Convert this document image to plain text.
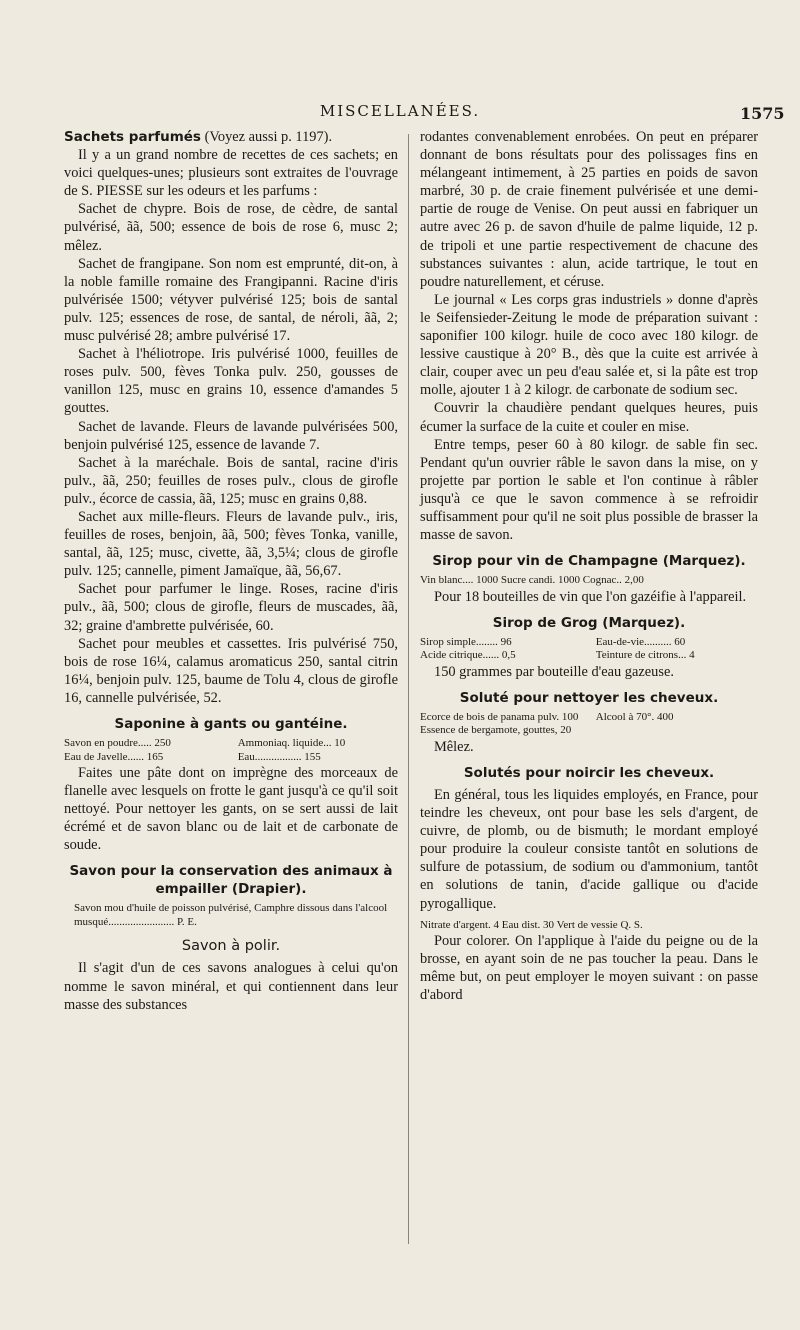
MISCELLANÉES.	1575

Sachets parfumés (Voyez aussi p. 1197).

Il y a un grand nombre de recettes de ces sachets; en voici quelques-unes; plusieurs sont extraites de l'ouvrage de S. PIESSE sur les odeurs et les parfums :

Sachet de chypre. Bois de rose, de cèdre, de santal pulvérisé, ãã, 500; essence de bois de rose 6, musc 2; mêlez.

Sachet de frangipane. Son nom est emprunté, dit-on, à la noble famille romaine des Frangipanni. Racine d'iris pulvérisée 1500; vétyver pulvérisé 125; bois de santal pulv. 125; essences de rose, de santal, de néroli, ãã, 2; musc pulvérisé 28; ambre pulvérisé 17.

Sachet à l'héliotrope. Iris pulvérisé 1000, feuilles de roses pulv. 500, fèves Tonka pulv. 250, gousses de vanillon 125, musc en grains 10, essence d'amandes 5 gouttes.

Sachet de lavande. Fleurs de lavande pulvérisées 500, benjoin pulvérisé 125, essence de lavande 7.

Sachet à la maréchale. Bois de santal, racine d'iris pulv., ãã, 250; feuilles de roses pulv., clous de girofle pulv., écorce de cassia, ãã, 125; musc en grains 0,88.

Sachet aux mille-fleurs. Fleurs de lavande pulv., iris, feuilles de roses, benjoin, ãã, 500; fèves Tonka, vanille, santal, ãã, 125; musc, civette, ãã, 3,5¼; clous de girofle pulv. 125; cannelle, piment Jamaïque, ãã, 56,67.

Sachet pour parfumer le linge. Roses, racine d'iris pulv., ãã, 500; clous de girofle, fleurs de muscades, ãã, 32; graine d'ambrette pulvérisée, 60.

Sachet pour meubles et cassettes. Iris pulvérisé 750, bois de rose 16¼, calamus aromaticus 250, santal citrin 16¼, benjoin pulv. 125, baume de Tolu 4, clous de girofle 16, cannelle pulvérisée, 52.

Saponine à gants ou gantéine.
Savon en poudre..... 250	Ammoniaq. liquide... 10
Eau de Javelle...... 165	Eau................. 155

Faites une pâte dont on imprègne des morceaux de flanelle avec lesquels on frotte le gant jusqu'à ce qu'il soit nettoyé. Pour nettoyer les gants, on se sert aussi de lait écrémé et de savon blanc ou de lait et de carbonate de soude.

Savon pour la conservation des animaux à empailler (Drapier).

Savon mou d'huile de poisson pulvérisé, Camphre dissous dans l'alcool musqué........................ P. E.

Savon à polir.

Il s'agit d'un de ces savons analogues à celui qu'on nomme le savon minéral, et qui contiennent dans leur masse des substances

rodantes convenablement enrobées. On peut en préparer donnant de bons résultats pour des polissages fins en mélangeant intimement, à 25 parties en poids de savon marbré, 30 p. de craie finement pulvérisée et une demi-partie de rouge de Venise. On peut aussi en fabriquer un autre avec 26 p. de savon d'huile de palme liquide, 12 p. de tripoli et une partie respectivement de chacune des substances suivantes : alun, acide tartrique, le tout en poudre naturellement, et céruse.

Le journal « Les corps gras industriels » donne d'après le Seifensieder-Zeitung le mode de préparation suivant : saponifier 100 kilogr. huile de coco avec 180 kilogr. de lessive caustique à 20° B., dès que la cuite est arrivée à clair, couper avec un peu d'eau salée et, si la pâte est trop molle, ajouter 1 à 2 kilogr. de carbonate de sodium sec.

Couvrir la chaudière pendant quelques heures, puis écumer la surface de la cuite et couler en mise.

Entre temps, peser 60 à 80 kilogr. de sable fin sec. Pendant qu'un ouvrier râble le savon dans la mise, on y projette par portion le sable et l'on continue à râbler jusqu'à ce que le savon commence à se refroidir suffisamment pour qu'il ne soit plus possible de brasser la masse de savon.

Sirop pour vin de Champagne (Marquez).

Vin blanc.... 1000 Sucre candi. 1000 Cognac.. 2,00

Pour 18 bouteilles de vin que l'on gazéifie à l'appareil.

Sirop de Grog (Marquez).
Sirop simple........ 96	Eau-de-vie.......... 60
Acide citrique...... 0,5	Teinture de citrons... 4

150 grammes par bouteille d'eau gazeuse.

Soluté pour nettoyer les cheveux.
Ecorce de bois de panama pulv. 100	Alcool à 70°. 400
Essence de bergamote, gouttes, 20

Mêlez.

Solutés pour noircir les cheveux.

En général, tous les liquides employés, en France, pour teindre les cheveux, ont pour base les sels d'argent, de cuivre, de plomb, ou de bismuth; le mordant employé pour produire la couleur consiste tantôt en solutions de sulfure de potassium, de sodium ou d'ammonium, tantôt en solutions de tanin, d'acide gallique ou d'acide pyrogallique.

Nitrate d'argent. 4 Eau dist. 30 Vert de vessie Q. S.

Pour colorer. On l'applique à l'aide du peigne ou de la brosse, en ayant soin de ne pas toucher la peau. Dans le même but, on peut employer le moyen suivant : on passe d'abord
